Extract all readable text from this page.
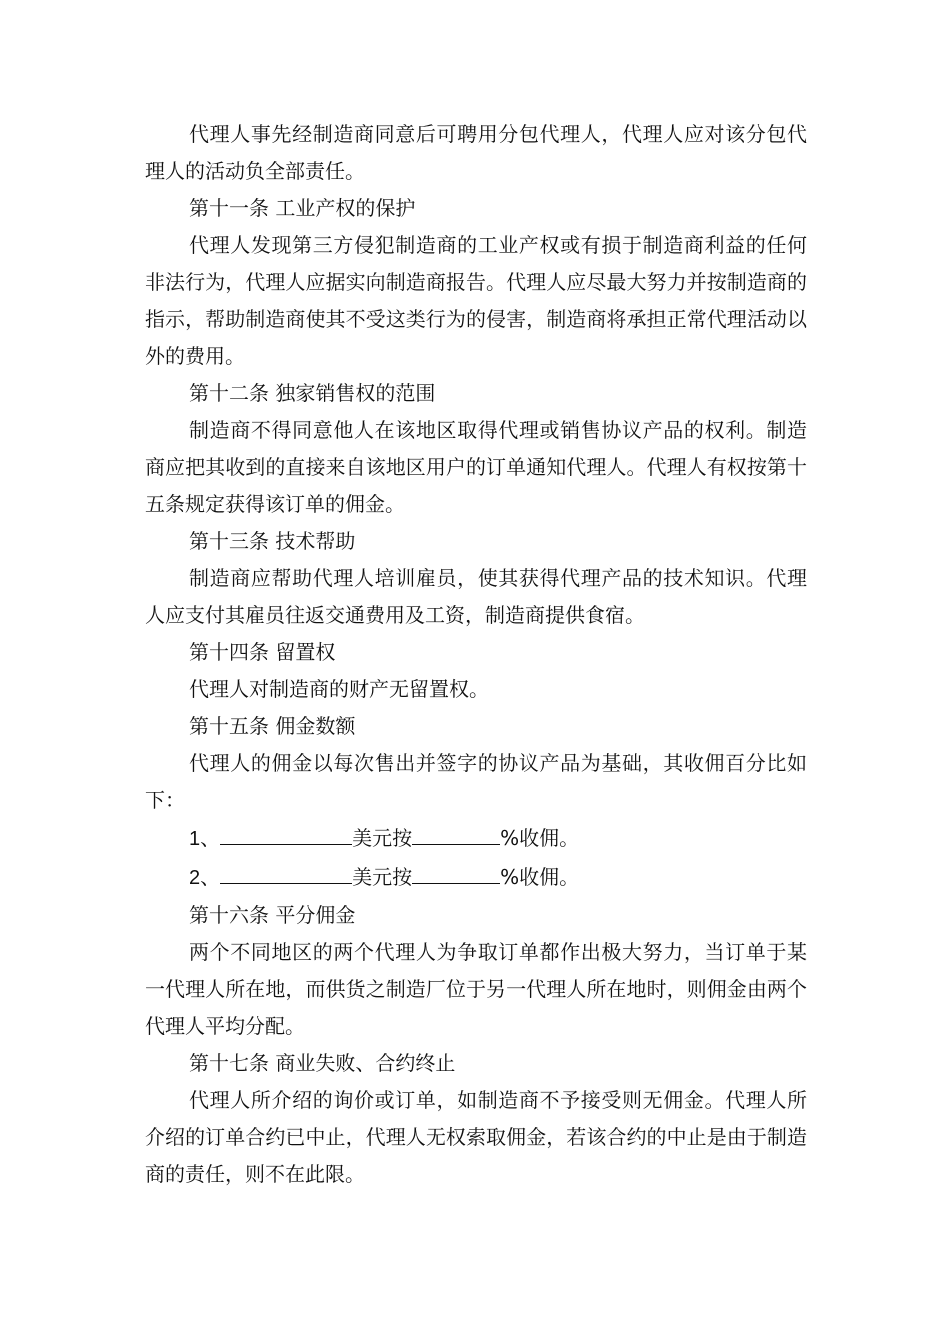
代理人事先经制造商同意后可聘用分包代理人，代理人应对该分包代理人的活动负全部责任。

第十一条 工业产权的保护

代理人发现第三方侵犯制造商的工业产权或有损于制造商利益的任何非法行为，代理人应据实向制造商报告。代理人应尽最大努力并按制造商的指示，帮助制造商使其不受这类行为的侵害，制造商将承担正常代理活动以外的费用。

第十二条 独家销售权的范围

制造商不得同意他人在该地区取得代理或销售协议产品的权利。制造商应把其收到的直接来自该地区用户的订单通知代理人。代理人有权按第十五条规定获得该订单的佣金。

第十三条 技术帮助

制造商应帮助代理人培训雇员，使其获得代理产品的技术知识。代理人应支付其雇员往返交通费用及工资，制造商提供食宿。

第十四条 留置权

代理人对制造商的财产无留置权。

第十五条 佣金数额

代理人的佣金以每次售出并签字的协议产品为基础，其收佣百分比如下：

1、	美元按	%收佣。

2、	美元按	%收佣。

第十六条 平分佣金

两个不同地区的两个代理人为争取订单都作出极大努力，当订单于某一代理人所在地，而供货之制造厂位于另一代理人所在地时，则佣金由两个代理人平均分配。

第十七条 商业失败、合约终止

代理人所介绍的询价或订单，如制造商不予接受则无佣金。代理人所介绍的订单合约已中止，代理人无权索取佣金，若该合约的中止是由于制造商的责任，则不在此限。
